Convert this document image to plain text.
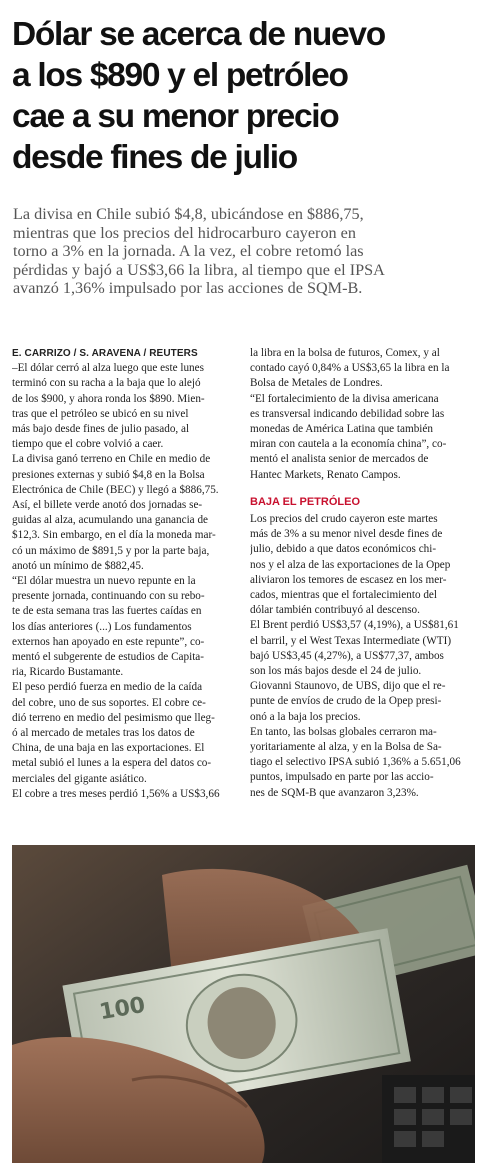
Dólar se acerca de nuevo
a los $890 y el petróleo
cae a su menor precio
desde fines de julio

La divisa en Chile subió $4,8, ubicándose en $886,75,
mientras que los precios del hidrocarburo cayeron en
torno a 3% en la jornada. A la vez, el cobre retomó las
pérdidas y bajó a US$3,66 la libra, al tiempo que el IPSA
avanzó 1,36% impulsado por las acciones de SQM-B.

E. CARRIZO / S. ARAVENA / REUTERS
–El dólar cerró al alza luego que este lunes
terminó con su racha a la baja que lo alejó
de los $900, y ahora ronda los $890. Mien-
tras que el petróleo se ubicó en su nivel
más bajo desde fines de julio pasado, al
tiempo que el cobre volvió a caer.
La divisa ganó terreno en Chile en medio de
presiones externas y subió $4,8 en la Bolsa
Electrónica de Chile (BEC) y llegó a $886,75.
Así, el billete verde anotó dos jornadas se-
guidas al alza, acumulando una ganancia de
$12,3. Sin embargo, en el día la moneda mar-
có un máximo de $891,5 y por la parte baja,
anotó un mínimo de $882,45.
“El dólar muestra un nuevo repunte en la
presente jornada, continuando con su rebo-
te de esta semana tras las fuertes caídas en
los días anteriores (...) Los fundamentos
externos han apoyado en este repunte”, co-
mentó el subgerente de estudios de Capita-
ria, Ricardo Bustamante.
El peso perdió fuerza en medio de la caída
del cobre, uno de sus soportes. El cobre ce-
dió terreno en medio del pesimismo que lleg-
ó al mercado de metales tras los datos de
China, de una baja en las exportaciones. El
metal subió el lunes a la espera del datos co-
merciales del gigante asiático.
El cobre a tres meses perdió 1,56% a US$3,66
la libra en la bolsa de futuros, Comex, y al
contado cayó 0,84% a US$3,65 la libra en la
Bolsa de Metales de Londres.
“El fortalecimiento de la divisa americana
es transversal indicando debilidad sobre las
monedas de América Latina que también
miran con cautela a la economía china”, co-
mentó el analista senior de mercados de
Hantec Markets, Renato Campos.
BAJA EL PETRÓLEO
Los precios del crudo cayeron este martes
más de 3% a su menor nivel desde fines de
julio, debido a que datos económicos chi-
nos y el alza de las exportaciones de la Opep
aliviaron los temores de escasez en los mer-
cados, mientras que el fortalecimiento del
dólar también contribuyó al descenso.
El Brent perdió US$3,57 (4,19%), a US$81,61
el barril, y el West Texas Intermediate (WTI)
bajó US$3,45 (4,27%), a US$77,37, ambos
son los más bajos desde el 24 de julio.
Giovanni Staunovo, de UBS, dijo que el re-
punte de envíos de crudo de la Opep presi-
onó a la baja los precios.
En tanto, las bolsas globales cerraron ma-
yoritariamente al alza, y en la Bolsa de Sa-
tiago el selectivo IPSA subió 1,36% a 5.651,06
puntos, impulsado en parte por las accio-
nes de SQM-B que avanzaron 3,23%.
100
